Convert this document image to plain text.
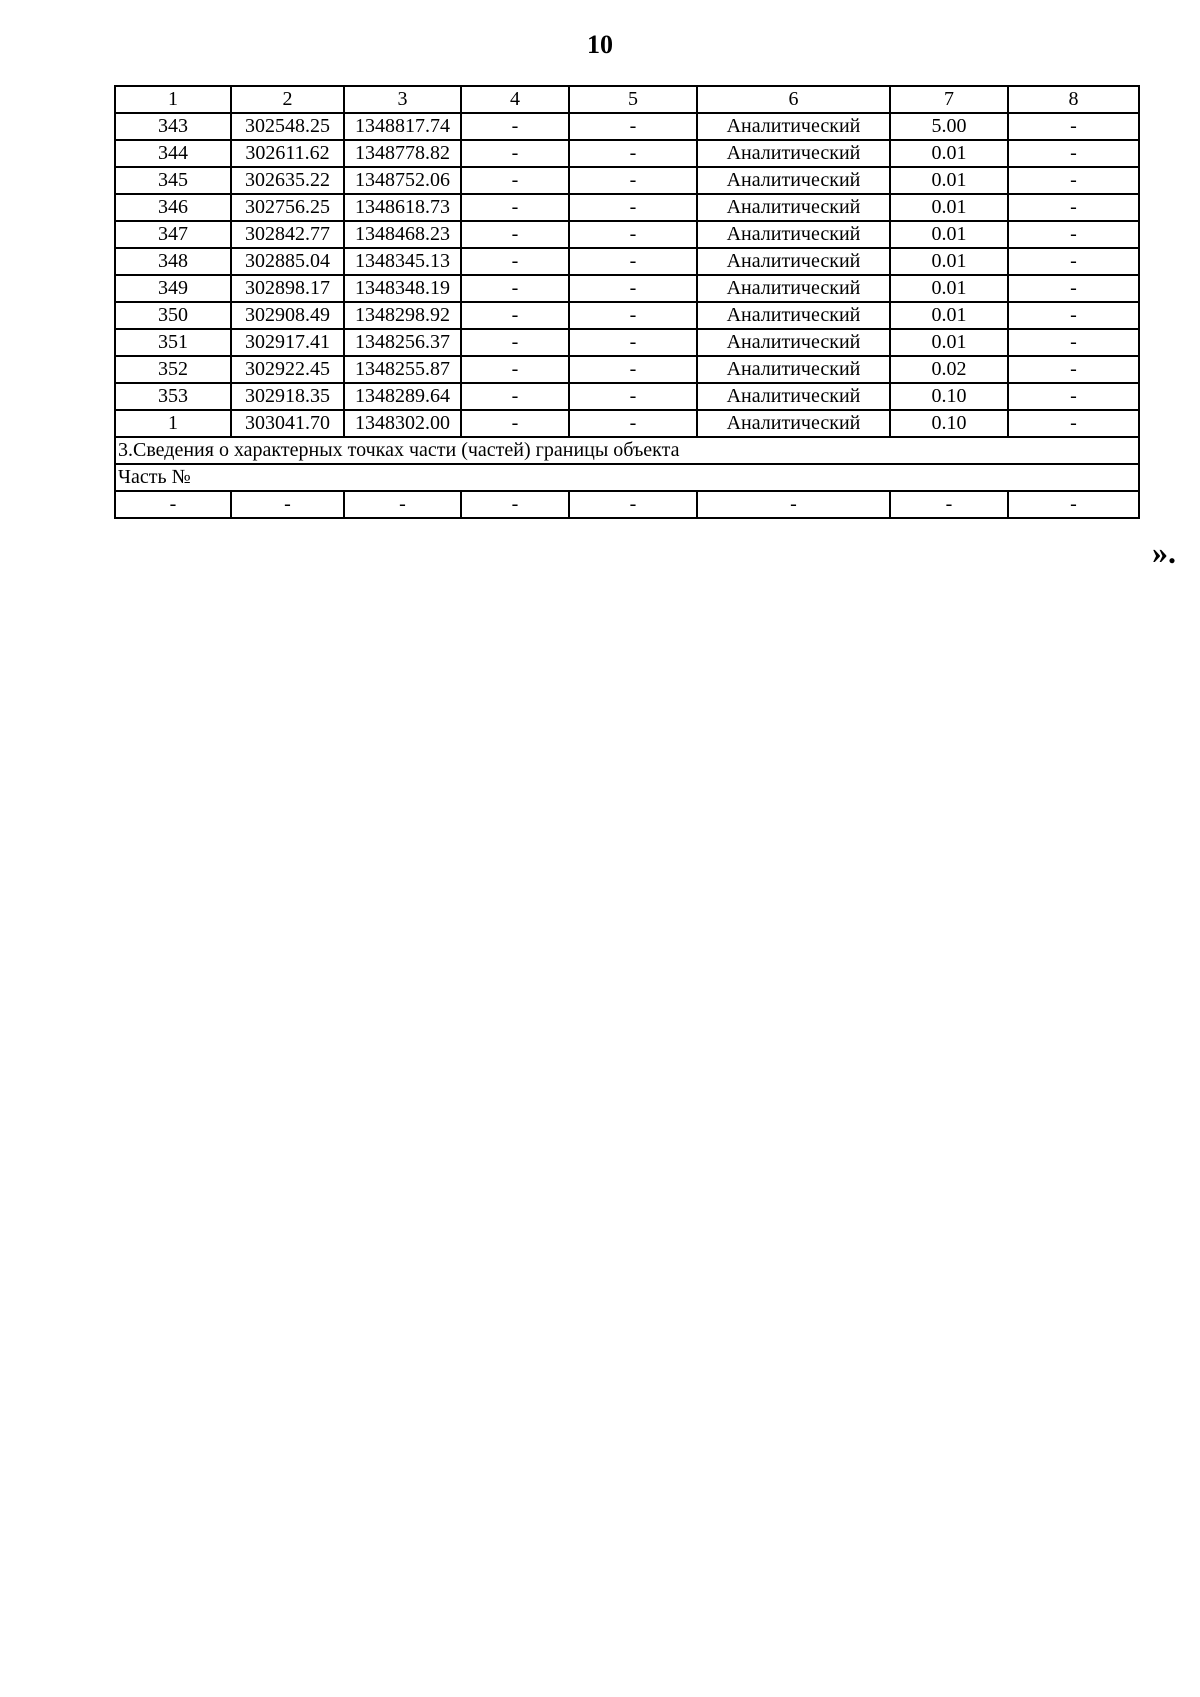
10
1	2	3	4	5	6	7	8
343	302548.25	1348817.74	-	-	Аналитический	5.00	-
344	302611.62	1348778.82	-	-	Аналитический	0.01	-
345	302635.22	1348752.06	-	-	Аналитический	0.01	-
346	302756.25	1348618.73	-	-	Аналитический	0.01	-
347	302842.77	1348468.23	-	-	Аналитический	0.01	-
348	302885.04	1348345.13	-	-	Аналитический	0.01	-
349	302898.17	1348348.19	-	-	Аналитический	0.01	-
350	302908.49	1348298.92	-	-	Аналитический	0.01	-
351	302917.41	1348256.37	-	-	Аналитический	0.01	-
352	302922.45	1348255.87	-	-	Аналитический	0.02	-
353	302918.35	1348289.64	-	-	Аналитический	0.10	-
1	303041.70	1348302.00	-	-	Аналитический	0.10	-
3.Сведения о характерных точках части (частей) границы объекта							
Часть №							
-	-	-	-	-	-	-	-
».
